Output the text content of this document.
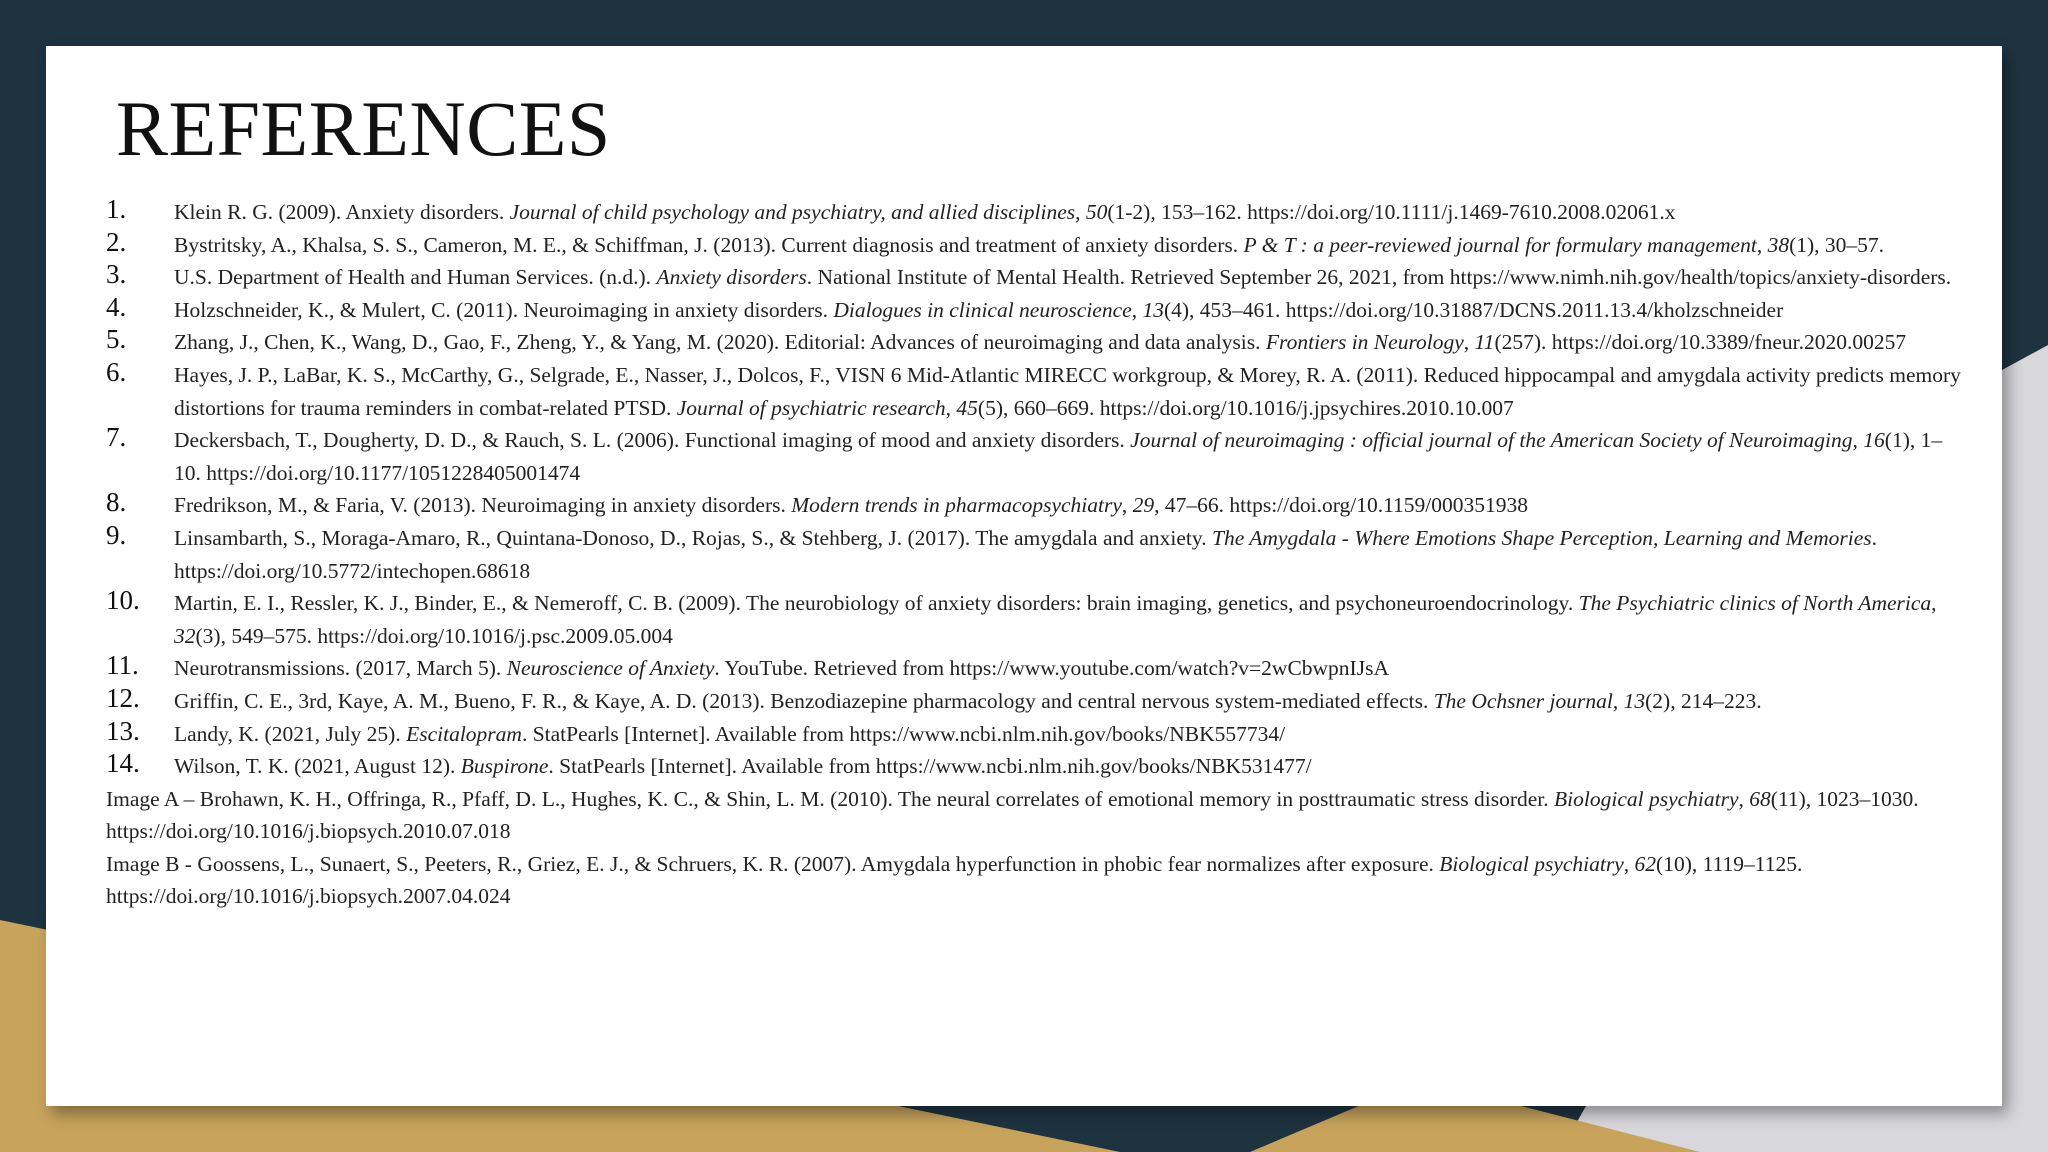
REFERENCES
1. Klein R. G. (2009). Anxiety disorders. Journal of child psychology and psychiatry, and allied disciplines, 50(1-2), 153–162. https://doi.org/10.1111/j.1469-7610.2008.02061.x
2. Bystritsky, A., Khalsa, S. S., Cameron, M. E., & Schiffman, J. (2013). Current diagnosis and treatment of anxiety disorders. P & T : a peer-reviewed journal for formulary management, 38(1), 30–57.
3. U.S. Department of Health and Human Services. (n.d.). Anxiety disorders. National Institute of Mental Health. Retrieved September 26, 2021, from https://www.nimh.nih.gov/health/topics/anxiety-disorders.
4. Holzschneider, K., & Mulert, C. (2011). Neuroimaging in anxiety disorders. Dialogues in clinical neuroscience, 13(4), 453–461. https://doi.org/10.31887/DCNS.2011.13.4/kholzschneider
5. Zhang, J., Chen, K., Wang, D., Gao, F., Zheng, Y., & Yang, M. (2020). Editorial: Advances of neuroimaging and data analysis. Frontiers in Neurology, 11(257). https://doi.org/10.3389/fneur.2020.00257
6. Hayes, J. P., LaBar, K. S., McCarthy, G., Selgrade, E., Nasser, J., Dolcos, F., VISN 6 Mid-Atlantic MIRECC workgroup, & Morey, R. A. (2011). Reduced hippocampal and amygdala activity predicts memory distortions for trauma reminders in combat-related PTSD. Journal of psychiatric research, 45(5), 660–669. https://doi.org/10.1016/j.jpsychires.2010.10.007
7. Deckersbach, T., Dougherty, D. D., & Rauch, S. L. (2006). Functional imaging of mood and anxiety disorders. Journal of neuroimaging : official journal of the American Society of Neuroimaging, 16(1), 1–10. https://doi.org/10.1177/1051228405001474
8. Fredrikson, M., & Faria, V. (2013). Neuroimaging in anxiety disorders. Modern trends in pharmacopsychiatry, 29, 47–66. https://doi.org/10.1159/000351938
9. Linsambarth, S., Moraga-Amaro, R., Quintana-Donoso, D., Rojas, S., & Stehberg, J. (2017). The amygdala and anxiety. The Amygdala - Where Emotions Shape Perception, Learning and Memories. https://doi.org/10.5772/intechopen.68618
10. Martin, E. I., Ressler, K. J., Binder, E., & Nemeroff, C. B. (2009). The neurobiology of anxiety disorders: brain imaging, genetics, and psychoneuroendocrinology. The Psychiatric clinics of North America, 32(3), 549–575. https://doi.org/10.1016/j.psc.2009.05.004
11. Neurotransmissions. (2017, March 5). Neuroscience of Anxiety. YouTube. Retrieved from https://www.youtube.com/watch?v=2wCbwpnIJsA
12. Griffin, C. E., 3rd, Kaye, A. M., Bueno, F. R., & Kaye, A. D. (2013). Benzodiazepine pharmacology and central nervous system-mediated effects. The Ochsner journal, 13(2), 214–223.
13. Landy, K. (2021, July 25). Escitalopram. StatPearls [Internet]. Available from https://www.ncbi.nlm.nih.gov/books/NBK557734/
14. Wilson, T. K. (2021, August 12). Buspirone. StatPearls [Internet]. Available from https://www.ncbi.nlm.nih.gov/books/NBK531477/
Image A – Brohawn, K. H., Offringa, R., Pfaff, D. L., Hughes, K. C., & Shin, L. M. (2010). The neural correlates of emotional memory in posttraumatic stress disorder. Biological psychiatry, 68(11), 1023–1030. https://doi.org/10.1016/j.biopsych.2010.07.018
Image B - Goossens, L., Sunaert, S., Peeters, R., Griez, E. J., & Schruers, K. R. (2007). Amygdala hyperfunction in phobic fear normalizes after exposure. Biological psychiatry, 62(10), 1119–1125. https://doi.org/10.1016/j.biopsych.2007.04.024
